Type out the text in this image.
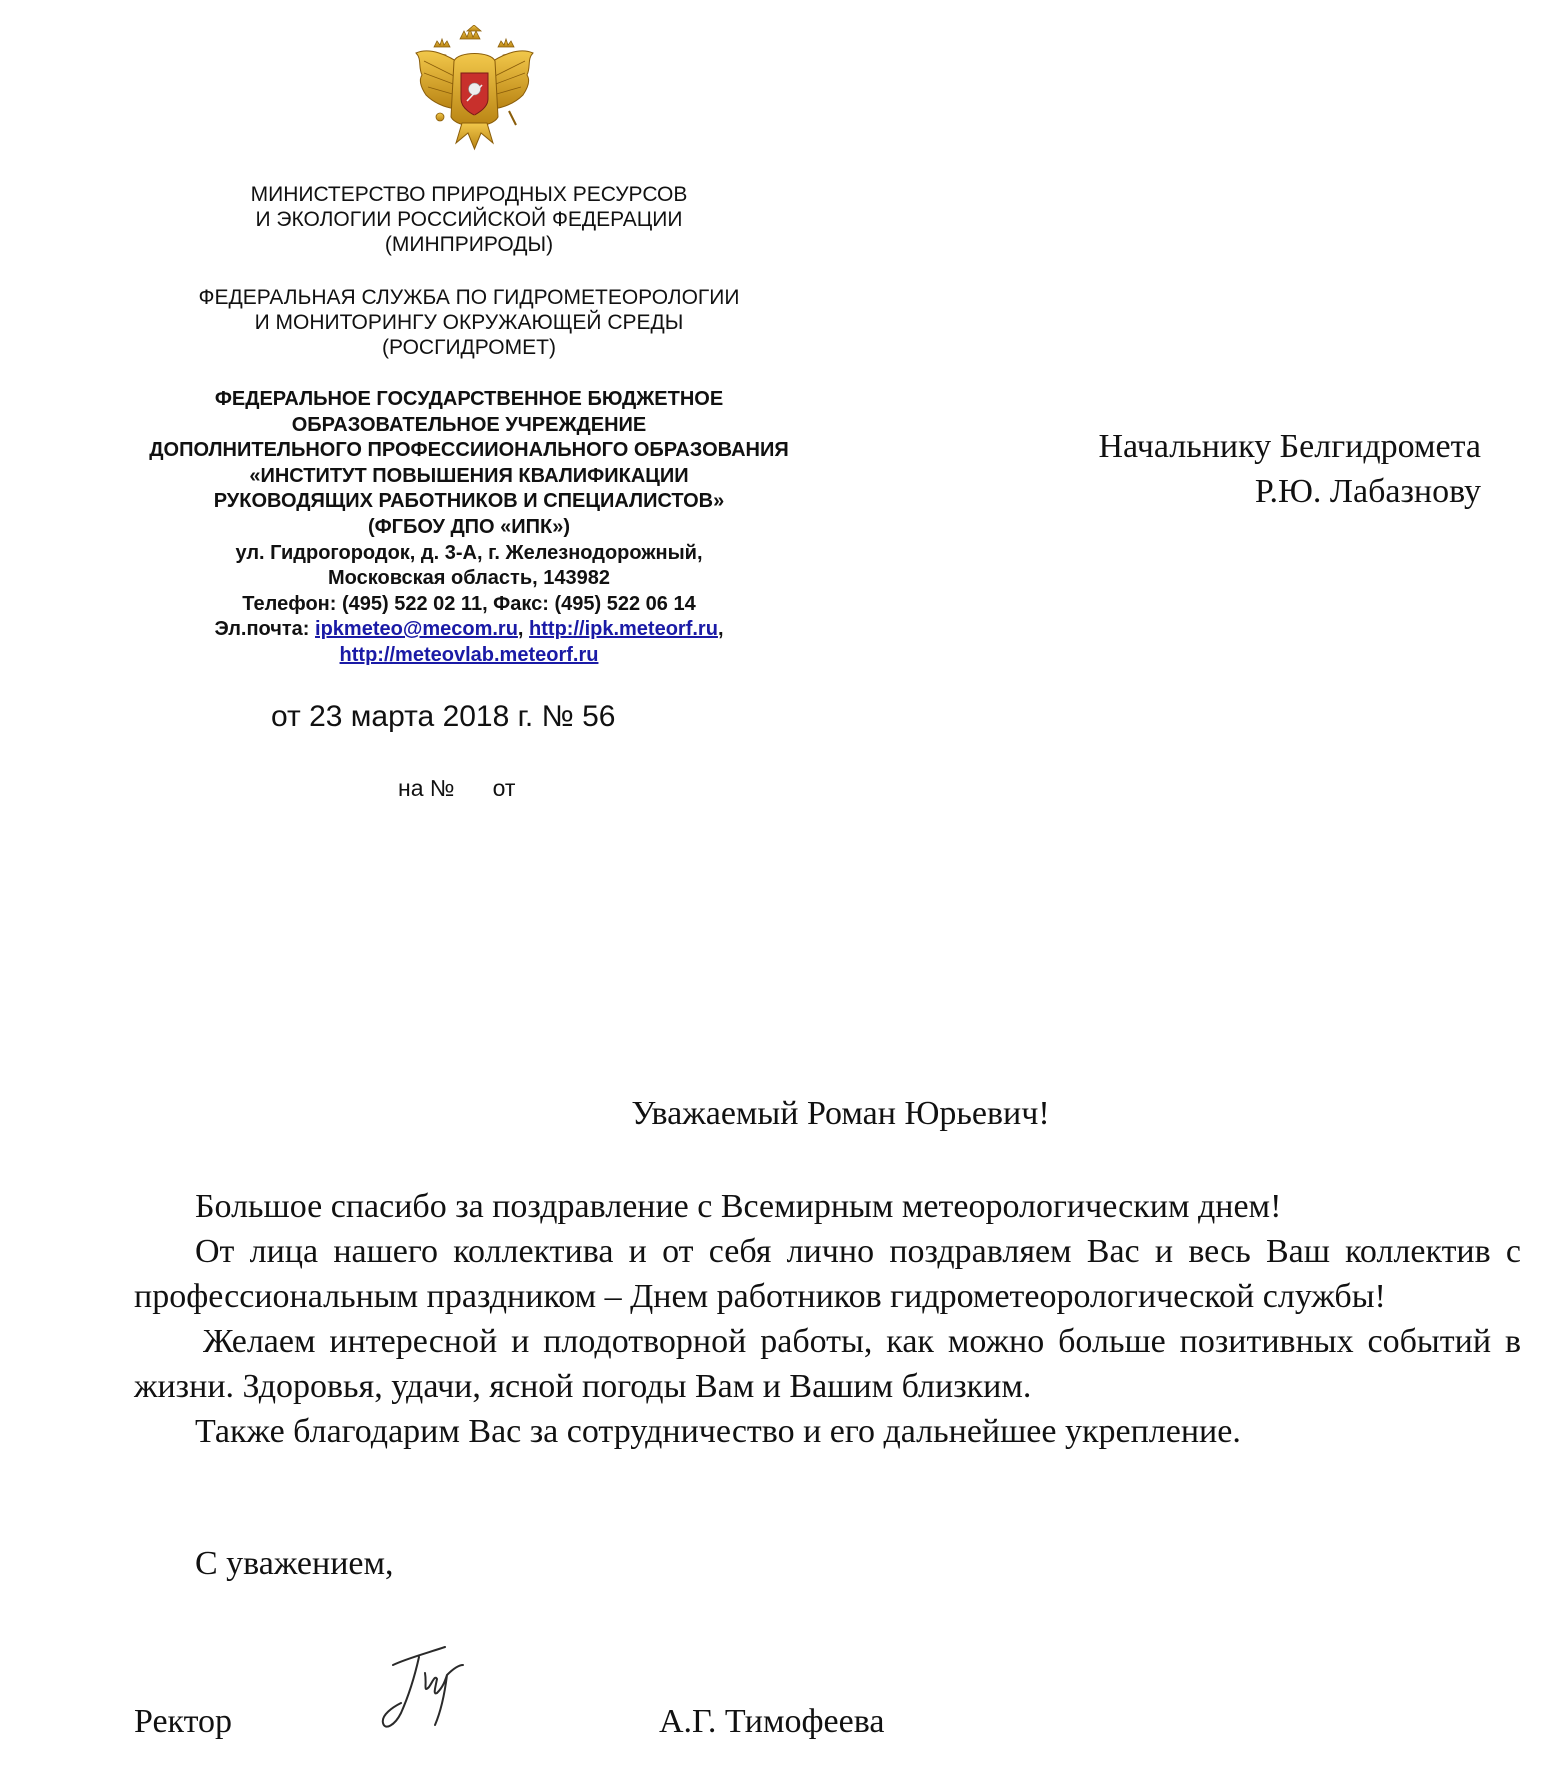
МИНИСТЕРСТВО ПРИРОДНЫХ РЕСУРСОВ
И ЭКОЛОГИИ РОССИЙСКОЙ ФЕДЕРАЦИИ
(МИНПРИРОДЫ)
ФЕДЕРАЛЬНАЯ СЛУЖБА ПО ГИДРОМЕТЕОРОЛОГИИ
И МОНИТОРИНГУ ОКРУЖАЮЩЕЙ СРЕДЫ
(РОСГИДРОМЕТ)
ФЕДЕРАЛЬНОЕ ГОСУДАРСТВЕННОЕ БЮДЖЕТНОЕ
ОБРАЗОВАТЕЛЬНОЕ УЧРЕЖДЕНИЕ
ДОПОЛНИТЕЛЬНОГО ПРОФЕССИИОНАЛЬНОГО ОБРАЗОВАНИЯ
«ИНСТИТУТ ПОВЫШЕНИЯ КВАЛИФИКАЦИИ
РУКОВОДЯЩИХ РАБОТНИКОВ И СПЕЦИАЛИСТОВ»
(ФГБОУ ДПО «ИПК»)
ул. Гидрогородок, д. 3-А, г. Железнодорожный,
Московская область, 143982
Телефон: (495) 522 02 11, Факс: (495) 522 06 14
Эл.почта: ipkmeteo@mecom.ru, http://ipk.meteorf.ru,
http://meteovlab.meteorf.ru
от 23 марта 2018 г. № 56
на № от
Начальнику Белгидромета
Р.Ю. Лабазнову
Уважаемый Роман Юрьевич!

Большое спасибо за поздравление с Всемирным метеорологическим днем!

От лица нашего коллектива и от себя лично поздравляем Вас и весь Ваш коллектив с профессиональным праздником – Днем работников гидрометеорологической службы!

Желаем интересной и плодотворной работы, как можно больше позитивных событий в жизни. Здоровья, удачи, ясной погоды Вам и Вашим близким.

Также благодарим Вас за сотрудничество и его дальнейшее укрепление.

С уважением,
Ректор	А.Г. Тимофеева
